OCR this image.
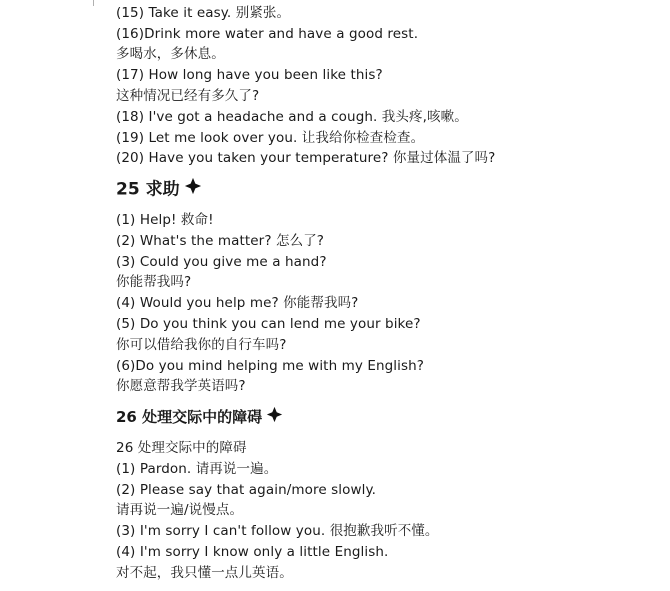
(15) Take it easy. 别紧张。
(16)Drink more water and have a good rest.
多喝水，多休息。
(17) How long have you been like this?
这种情况已经有多久了?
(18) I've got a headache and a cough. 我头疼,咳嗽。
(19) Let me look over you. 让我给你检查检查。
(20) Have you taken your temperature? 你量过体温了吗?
25 求助
(1) Help! 救命!
(2) What's the matter? 怎么了?
(3) Could you give me a hand?
你能帮我吗?
(4) Would you help me? 你能帮我吗?
(5) Do you think you can lend me your bike?
你可以借给我你的自行车吗?
(6)Do you mind helping me with my English?
你愿意帮我学英语吗?
26 处理交际中的障碍
26 处理交际中的障碍
(1) Pardon. 请再说一遍。
(2) Please say that again/more slowly.
请再说一遍/说慢点。
(3) I'm sorry I can't follow you. 很抱歉我听不懂。
(4) I'm sorry I know only a little English.
对不起，我只懂一点儿英语。
